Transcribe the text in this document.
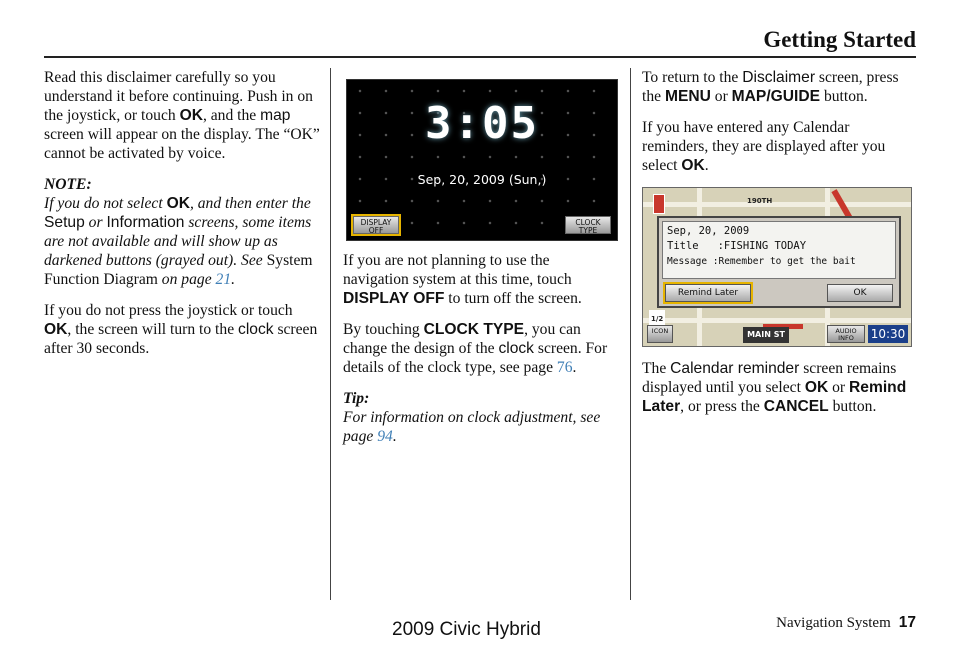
Getting Started

Read this disclaimer carefully so you understand it before continuing. Push in on the joystick, or touch OK, and the map screen will appear on the display. The “OK” cannot be activated by voice.

NOTE:

If you do not select OK, and then enter the Setup or Information screens, some items are not available and will show up as darkened buttons (grayed out). See System Function Diagram on page 21.

If you do not press the joystick or touch OK, the screen will turn to the clock screen after 30 seconds.

3:05
Sep, 20, 2009 (Sun,)
DISPLAY
OFF
CLOCK
TYPE

If you are not planning to use the navigation system at this time, touch DISPLAY OFF to turn off the screen.

By touching CLOCK TYPE, you can change the design of the clock screen. For details of the clock type, see page 76.

Tip:

For information on clock adjustment, see page 94.

To return to the Disclaimer screen, press the MENU or MAP/GUIDE button.

If you have entered any Calendar reminders, they are displayed after you select OK.

190TH
Sep, 20, 2009
Title   :FISHING TODAY
Message :Remember to get the bait
Remind Later	OK
1/2
ICON	MAIN ST	AUDIO
INFO	10:30

The Calendar reminder screen remains displayed until you select OK or Remind Later, or press the CANCEL button.

2009 Civic Hybrid	Navigation System 17
